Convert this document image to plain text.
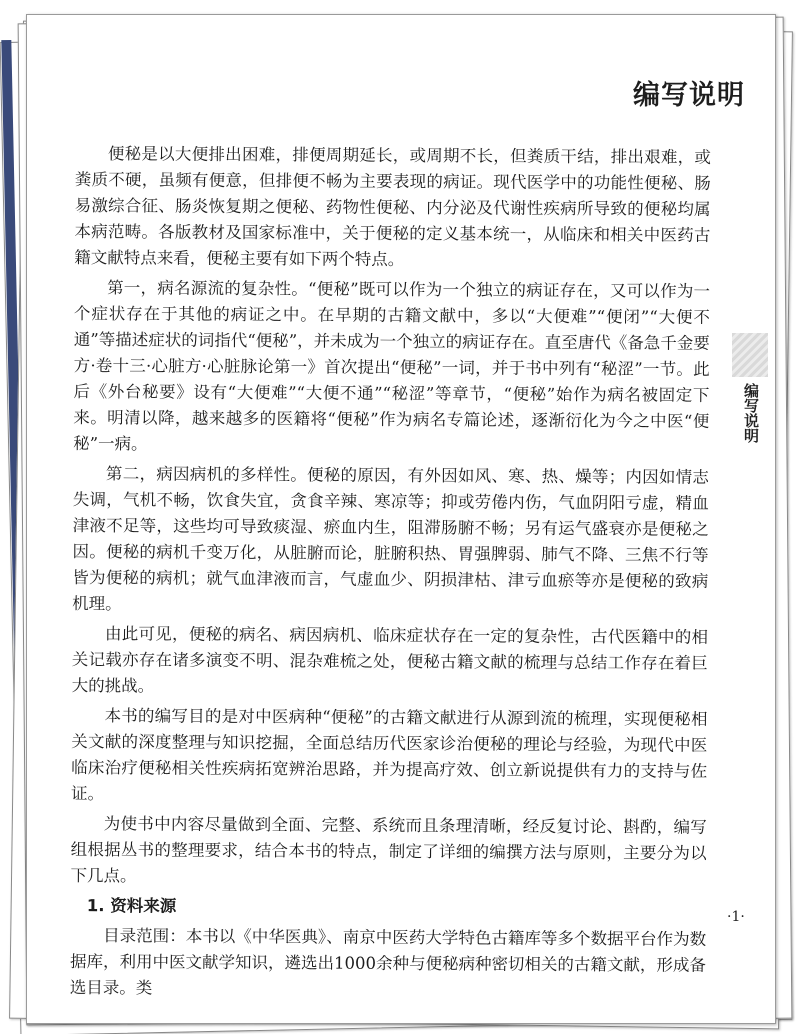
编写说明
编写说明

便秘是以大便排出困难，排便周期延长，或周期不长，但粪质干结，排出艰难，或粪质不硬，虽频有便意，但排便不畅为主要表现的病证。现代医学中的功能性便秘、肠易激综合征、肠炎恢复期之便秘、药物性便秘、内分泌及代谢性疾病所导致的便秘均属本病范畴。各版教材及国家标准中，关于便秘的定义基本统一，从临床和相关中医药古籍文献特点来看，便秘主要有如下两个特点。

第一，病名源流的复杂性。“便秘”既可以作为一个独立的病证存在，又可以作为一个症状存在于其他的病证之中。在早期的古籍文献中，多以“大便难”“便闭”“大便不通”等描述症状的词指代“便秘”，并未成为一个独立的病证存在。直至唐代《备急千金要方·卷十三·心脏方·心脏脉论第一》首次提出“便秘”一词，并于书中列有“秘涩”一节。此后《外台秘要》设有“大便难”“大便不通”“秘涩”等章节，“便秘”始作为病名被固定下来。明清以降，越来越多的医籍将“便秘”作为病名专篇论述，逐渐衍化为今之中医“便秘”一病。

第二，病因病机的多样性。便秘的原因，有外因如风、寒、热、燥等；内因如情志失调，气机不畅，饮食失宜，贪食辛辣、寒凉等；抑或劳倦内伤，气血阴阳亏虚，精血津液不足等，这些均可导致痰湿、瘀血内生，阻滞肠腑不畅；另有运气盛衰亦是便秘之因。便秘的病机千变万化，从脏腑而论，脏腑积热、胃强脾弱、肺气不降、三焦不行等皆为便秘的病机；就气血津液而言，气虚血少、阴损津枯、津亏血瘀等亦是便秘的致病机理。

由此可见，便秘的病名、病因病机、临床症状存在一定的复杂性，古代医籍中的相关记载亦存在诸多演变不明、混杂难梳之处，便秘古籍文献的梳理与总结工作存在着巨大的挑战。

本书的编写目的是对中医病种“便秘”的古籍文献进行从源到流的梳理，实现便秘相关文献的深度整理与知识挖掘，全面总结历代医家诊治便秘的理论与经验，为现代中医临床治疗便秘相关性疾病拓宽辨治思路，并为提高疗效、创立新说提供有力的支持与佐证。

为使书中内容尽量做到全面、完整、系统而且条理清晰，经反复讨论、斟酌，编写组根据丛书的整理要求，结合本书的特点，制定了详细的编撰方法与原则，主要分为以下几点。

1. 资料来源

目录范围：本书以《中华医典》、南京中医药大学特色古籍库等多个数据平台作为数据库，利用中医文献学知识，遴选出1000余种与便秘病种密切相关的古籍文献，形成备选目录。类

·1·
